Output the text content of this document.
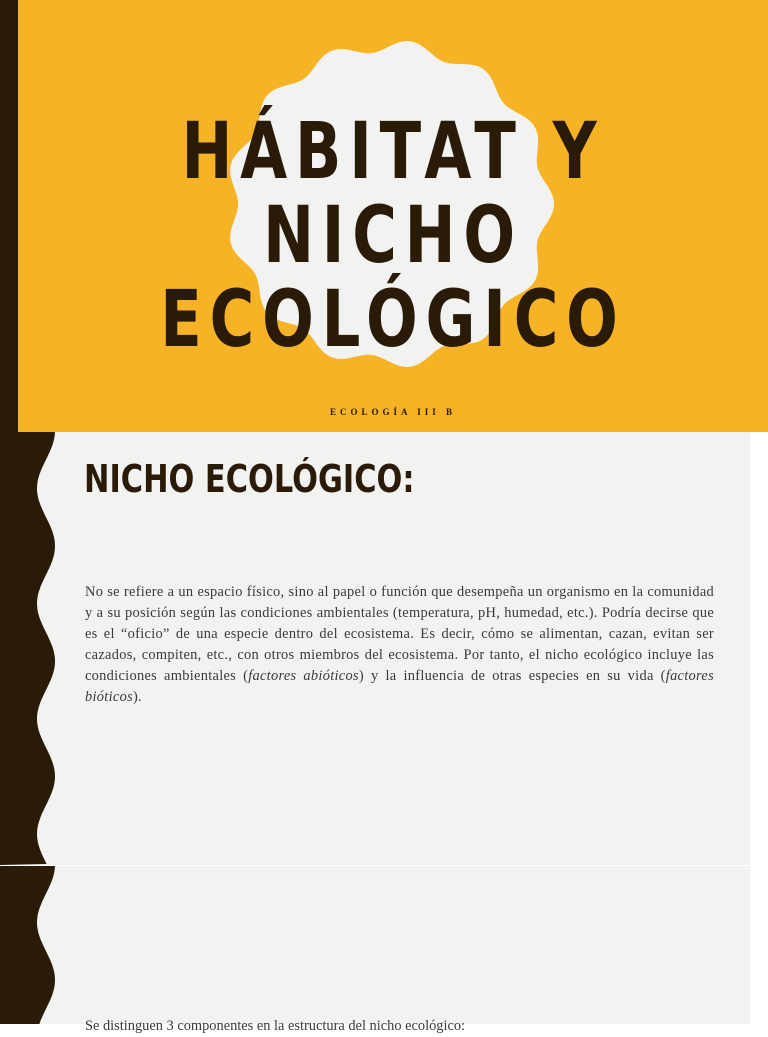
HÁBITAT Y NICHO
ECOLÓGICO

ECOLOGÍA III B

NICHO ECOLÓGICO:

No se refiere a un espacio físico, sino al papel o función que desempeña un organismo en la comunidad y a su posición según las condiciones ambientales (temperatura, pH, humedad, etc.). Podría decirse que es el “oficio” de una especie dentro del ecosistema. Es decir, cómo se alimentan, cazan, evitan ser cazados, compiten, etc., con otros miembros del ecosistema. Por tanto, el nicho ecológico incluye las condiciones ambientales (factores abióticos) y la influencia de otras especies en su vida (factores bióticos).

Se distinguen 3 componentes en la estructura del nicho ecológico:
